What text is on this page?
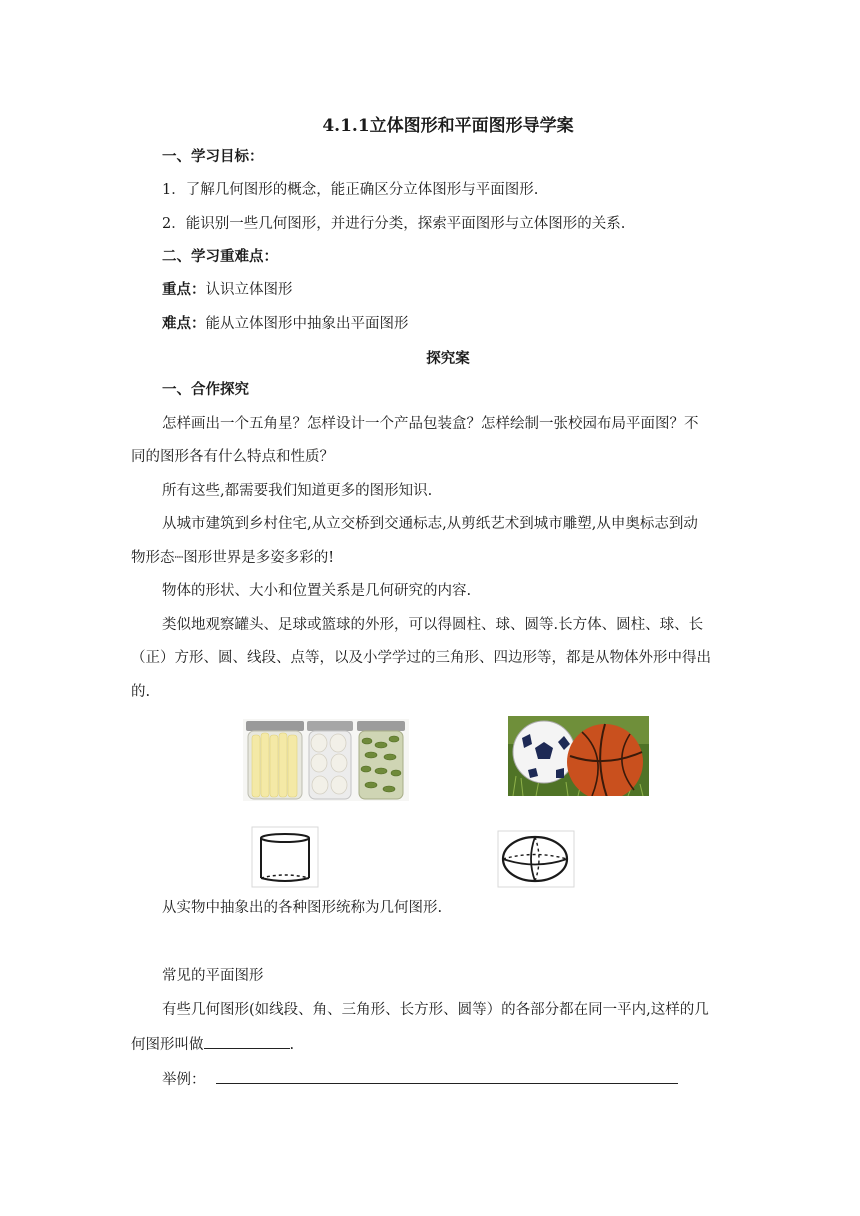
4.1.1立体图形和平面图形导学案
一、学习目标：
1．了解几何图形的概念，能正确区分立体图形与平面图形.
2．能识别一些几何图形，并进行分类，探索平面图形与立体图形的关系.
二、学习重难点：
重点：认识立体图形
难点：能从立体图形中抽象出平面图形
探究案
一、合作探究
怎样画出一个五角星？怎样设计一个产品包装盒？怎样绘制一张校园布局平面图？不
同的图形各有什么特点和性质？
所有这些,都需要我们知道更多的图形知识.
从城市建筑到乡村住宅,从立交桥到交通标志,从剪纸艺术到城市雕塑,从申奥标志到动
物形态┈图形世界是多姿多彩的!
物体的形状、大小和位置关系是几何研究的内容.
类似地观察罐头、足球或篮球的外形，可以得圆柱、球、圆等.长方体、圆柱、球、长
（正）方形、圆、线段、点等，以及小学学过的三角形、四边形等，都是从物体外形中得出
的.
从实物中抽象出的各种图形统称为几何图形.
常见的平面图形
有些几何图形(如线段、角、三角形、长方形、圆等）的各部分都在同一平内,这样的几
何图形叫做	.
举例：
